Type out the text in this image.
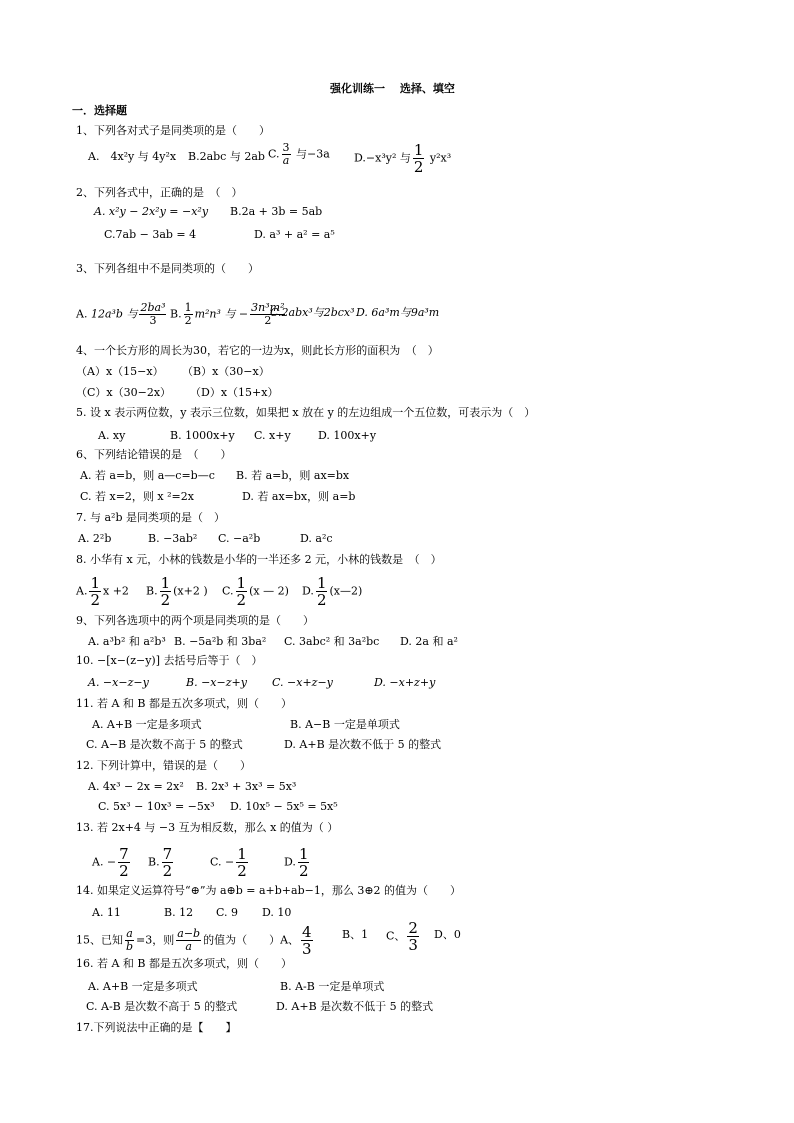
强化训练一　 选择、填空
一．选择题
1、下列各对式子是同类项的是（　　）
A.　4x²y 与 4y²x B.2abc 与 2ab C. $\frac{3}{a}$ 与−3a D.−x³y² 与 $\frac{1}{2} y^2x^3$
2、下列各式中，正确的是　（　）
A. x²y − 2x²y = −x²y B.2a + 3b = 5ab
C.7ab − 3ab = 4	D. a³ + a² = a⁵
3、下列各组中不是同类项的（　　）
A. 12a³b 与 $\frac{\text{2ba³}}{3} B$. $\frac{1}{2} m^2n^3$ 与 − $\frac{\text{3n³m²}}{2}$
C.2abx³与2bcx³ D. 6a³m与9a³m
4、一个长方形的周长为30，若它的一边为x，则此长方形的面积为　（　）
（A）x（15−x） （B）x（30−x）
（C）x（30−2x） （D）x（15+x）
5. 设 x 表示两位数，y 表示三位数，如果把 x 放在 y 的左边组成一个五位数，可表示为（　）
A. xy	B. 1000x+y C. x+y D. 100x+y
6、下列结论错误的是　（　　）
A. 若 a=b，则 a—c=b—c B. 若 a=b，则 ax=bx
C. 若 x=2，则 x ²=2x	D. 若 ax=bx，则 a=b
7. 与 a²b 是同类项的是（　）
A. 2²b	B. −3ab² C. −a²b	D. a²c
8. 小华有 x 元，小林的钱数是小华的一半还多 2 元，小林的钱数是　（　）
A. $\frac{1}{2}$ x +2 B. $\frac{1}{2} (x+2$ ) C. $\frac{1}{2} (x$ — 2) D. $\frac{1}{2}$ (x—2)
9、下列各选项中的两个项是同类项的是（　　）
A. a³b² 和 a²b³ B. −5a²b 和 3ba² C. 3abc² 和 3a²bc D. 2a 和 a²
10. −[x−(z−y)] 去括号后等于（　）
A. −x−z−y	B. −x−z+y C. −x+z−y	D. −x+z+y
11. 若 A 和 B 都是五次多项式，则（　　）
A. A+B 一定是多项式	B. A−B 一定是单项式
C. A−B 是次数不高于 5 的整式	D. A+B 是次数不低于 5 的整式
12. 下列计算中，错误的是（　　）
A. 4x³ − 2x = 2x² B. 2x³ + 3x³ = 5x³
C. 5x³ − 10x³ = −5x³ D. 10x⁵ − 5x⁵ = 5x⁵
13. 若 2x+4 与 −3 互为相反数，那么 x 的值为（ ）
A. − $\frac{7}{2} B$. $\frac{7}{2}$	C. − $\frac{1}{2}$	D. $\frac{1}{2}$
14. 如果定义运算符号“⊕”为 a⊕b = a+b+ab−1，那么 3⊕2 的值为（　　）
A. 11	B. 12 C. 9 D. 10
15、已知 $\frac{a}{b} =3$，则 $\frac{a-b}{a}$ 的值为（　　）A、 $\frac{4}{3}$	B、1 C、 $\frac{2}{3}$ D、0
16. 若 A 和 B 都是五次多项式，则（　　）
A. A+B 一定是多项式	B. A-B 一定是单项式
C. A-B 是次数不高于 5 的整式	D. A+B 是次数不低于 5 的整式
17.下列说法中正确的是【　　】
